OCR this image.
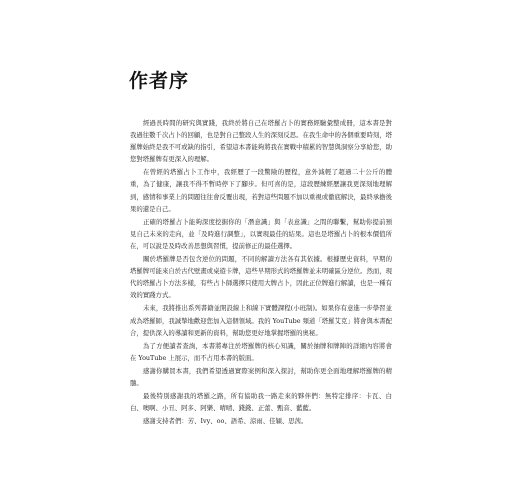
作者序

經過長時間的研究與實踐，我終於將自己在塔羅占卜的實務經驗彙整成冊，這本書是對我過往數千次占卜的回顧，也是對自己整段人生的深刻反思。在我生命中的各個重要時刻，塔羅牌始終是我不可或缺的指引，希望這本書能夠將我在實戰中積累的智慧與洞察分享給您，助您對塔羅牌有更深入的理解。

在曾經的塔羅占卜工作中，我經歷了一段驚險的歷程，意外減輕了超過二十公斤的體重，為了健康，讓我不得不暫時停下了腳步。但可喜的是，這段歷練經歷讓我更深刻地理解到，感情和事業上的問題往往會反覆出現，若對這些問題不加以重視或徹底解決，最終承擔後果的還是自己。

正確的塔羅占卜能夠深度挖掘你的「潛意識」與「表意識」之間的聯繫，幫助你提前預見自己未來的走向，並「及時進行調整」，以實現最佳的結果。這也是塔羅占卜的根本價值所在，可以說是及時改善思想與習慣，提前修正的最佳選擇。

關於塔羅牌是否包含逆位的問題，不同的解讀方法各有其依據。根據歷史資料，早期的塔羅牌可能來自於古代壁畫或桌遊卡牌，這些早期形式的塔羅牌並未明確區分逆位。然而，現代的塔羅占卜方法多樣，有些占卜師選擇只使用大牌占卜，因此正位牌進行解讀，也是一種有效的實踐方式。

未來，我將推出系列書籍並開設線上和線下實體課程(小班制)。如果你有意進一步學習並成為塔羅師，我誠摯地歡迎您加入這個領域。我的 YouTube 頻道「塔羅艾克」將會與本書配合，提供深入的導讀和更新的資料，幫助您更好地掌握塔羅的奧秘。

為了方便讀者查詢，本書將專注於塔羅牌的核心知識，關於抽牌和牌陣的詳細內容將會在 YouTube 上展示，而不占用本書的版面。

感謝你購買本書，我們希望透過實際案例和深入探討，幫助你更全面地理解塔羅牌的精髓。

最後特別感謝我的塔羅之路，所有協助我一路走來的夥伴們：無特定排序：卡瓦、白白、噢啊、小丑、阿多、阿樂、晴晴、錢錢、正蕾、甄音、藍藍。

感謝支持者們：芳、Ivy、oo、語希、涼雨、佳穎、思茜。
